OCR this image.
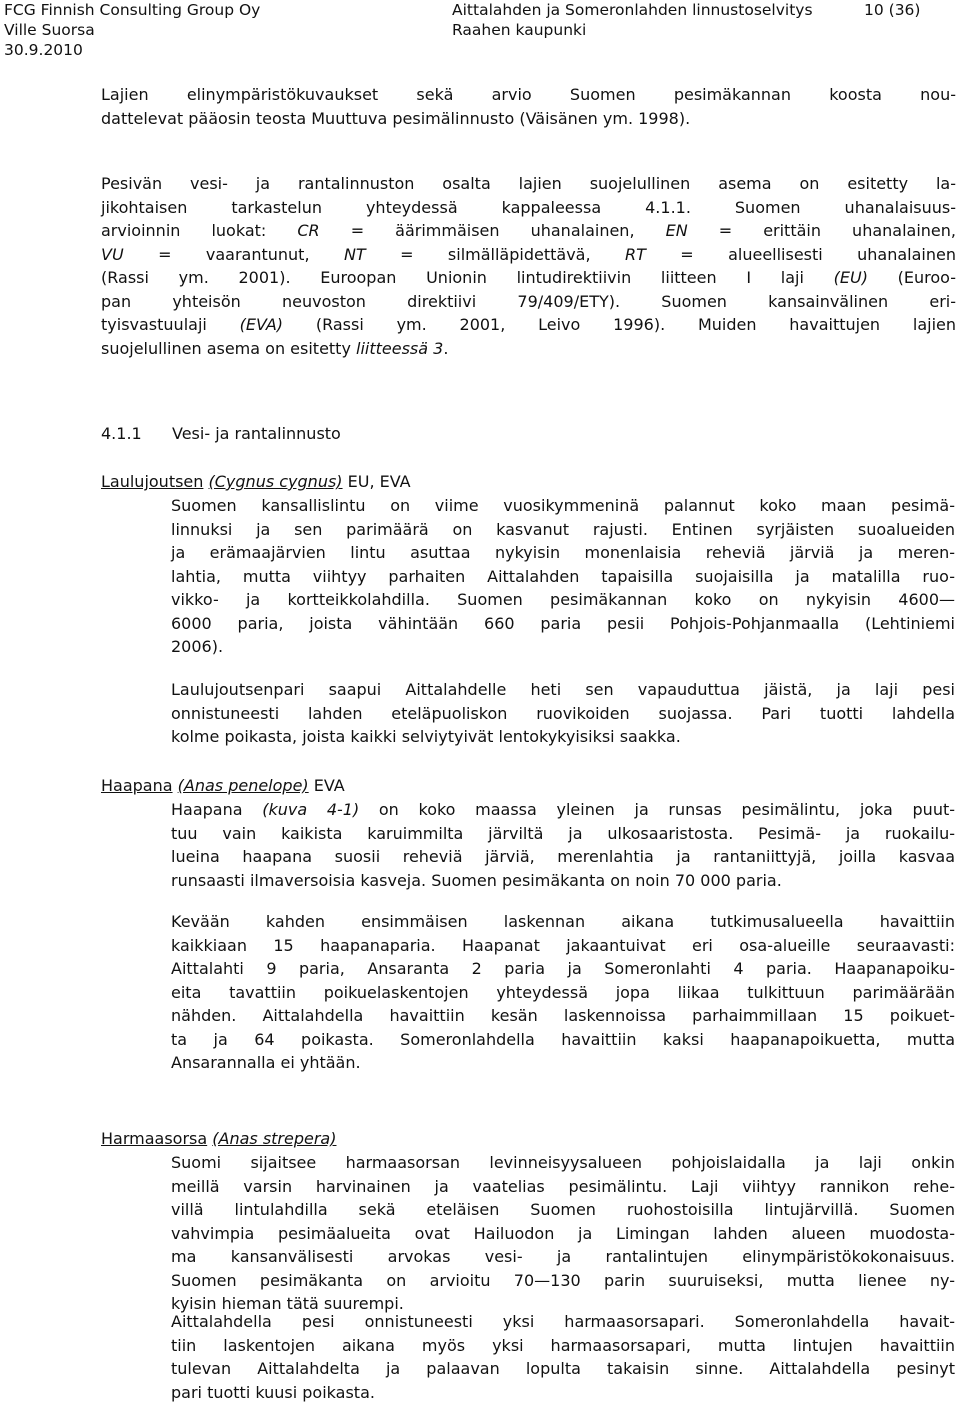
FCG Finnish Consulting Group Oy
Ville Suorsa
30.9.2010
Aittalahden ja Someronlahden linnustoselvitys
Raahen kaupunki
10 (36)
Lajien elinympäristökuvaukset sekä arvio Suomen pesimäkannan koosta nou-
dattelevat pääosin teosta Muuttuva pesimälinnusto (Väisänen ym. 1998).
Pesivän vesi- ja rantalinnuston osalta lajien suojelullinen asema on esitetty la-
jikohtaisen tarkastelun yhteydessä kappaleessa 4.1.1. Suomen uhanalaisuus-
arvioinnin luokat: CR = äärimmäisen uhanalainen, EN = erittäin uhanalainen,
VU = vaarantunut, NT = silmälläpidettävä, RT = alueellisesti uhanalainen
(Rassi ym. 2001). Euroopan Unionin lintudirektiivin liitteen I laji (EU) (Euroo-
pan yhteisön neuvoston direktiivi 79/409/ETY). Suomen kansainvälinen eri-
tyisvastuulaji (EVA) (Rassi ym. 2001, Leivo 1996). Muiden havaittujen lajien
suojelullinen asema on esitetty liitteessä 3.
4.1.1 Vesi- ja rantalinnusto
Laulujoutsen (Cygnus cygnus) EU, EVA
Suomen kansallislintu on viime vuosikymmeninä palannut koko maan pesimä-
linnuksi ja sen parimäärä on kasvanut rajusti. Entinen syrjäisten suoalueiden
ja erämaajärvien lintu asuttaa nykyisin monenlaisia reheviä järviä ja meren-
lahtia, mutta viihtyy parhaiten Aittalahden tapaisilla suojaisilla ja matalilla ruo-
vikko- ja kortteikkolahdilla. Suomen pesimäkannan koko on nykyisin 4600—
6000 paria, joista vähintään 660 paria pesii Pohjois-Pohjanmaalla (Lehtiniemi
2006).
Laulujoutsenpari saapui Aittalahdelle heti sen vapauduttua jäistä, ja laji pesi
onnistuneesti lahden eteläpuoliskon ruovikoiden suojassa. Pari tuotti lahdella
kolme poikasta, joista kaikki selviytyivät lentokykyisiksi saakka.
Haapana (Anas penelope) EVA
Haapana (kuva 4-1) on koko maassa yleinen ja runsas pesimälintu, joka puut-
tuu vain kaikista karuimmilta järviltä ja ulkosaaristosta. Pesimä- ja ruokailu-
lueina haapana suosii reheviä järviä, merenlahtia ja rantaniittyjä, joilla kasvaa
runsaasti ilmaversoisia kasveja. Suomen pesimäkanta on noin 70 000 paria.
Kevään kahden ensimmäisen laskennan aikana tutkimusalueella havaittiin
kaikkiaan 15 haapanaparia. Haapanat jakaantuivat eri osa-alueille seuraavasti:
Aittalahti 9 paria, Ansaranta 2 paria ja Someronlahti 4 paria. Haapanapoiku-
eita tavattiin poikuelaskentojen yhteydessä jopa liikaa tulkittuun parimäärään
nähden. Aittalahdella havaittiin kesän laskennoissa parhaimmillaan 15 poikuet-
ta ja 64 poikasta. Someronlahdella havaittiin kaksi haapanapoikuetta, mutta
Ansarannalla ei yhtään.
Harmaasorsa (Anas strepera)
Suomi sijaitsee harmaasorsan levinneisyysalueen pohjoislaidalla ja laji onkin
meillä varsin harvinainen ja vaatelias pesimälintu. Laji viihtyy rannikon rehe-
villä lintulahdilla sekä eteläisen Suomen ruohostoisilla lintujärvillä. Suomen
vahvimpia pesimäalueita ovat Hailuodon ja Limingan lahden alueen muodosta-
ma kansanvälisesti arvokas vesi- ja rantalintujen elinympäristökokonaisuus.
Suomen pesimäkanta on arvioitu 70—130 parin suuruiseksi, mutta lienee ny-
kyisin hieman tätä suurempi.
Aittalahdella pesi onnistuneesti yksi harmaasorsapari. Someronlahdella havait-
tiin laskentojen aikana myös yksi harmaasorsapari, mutta lintujen havaittiin
tulevan Aittalahdelta ja palaavan lopulta takaisin sinne. Aittalahdella pesinyt
pari tuotti kuusi poikasta.
